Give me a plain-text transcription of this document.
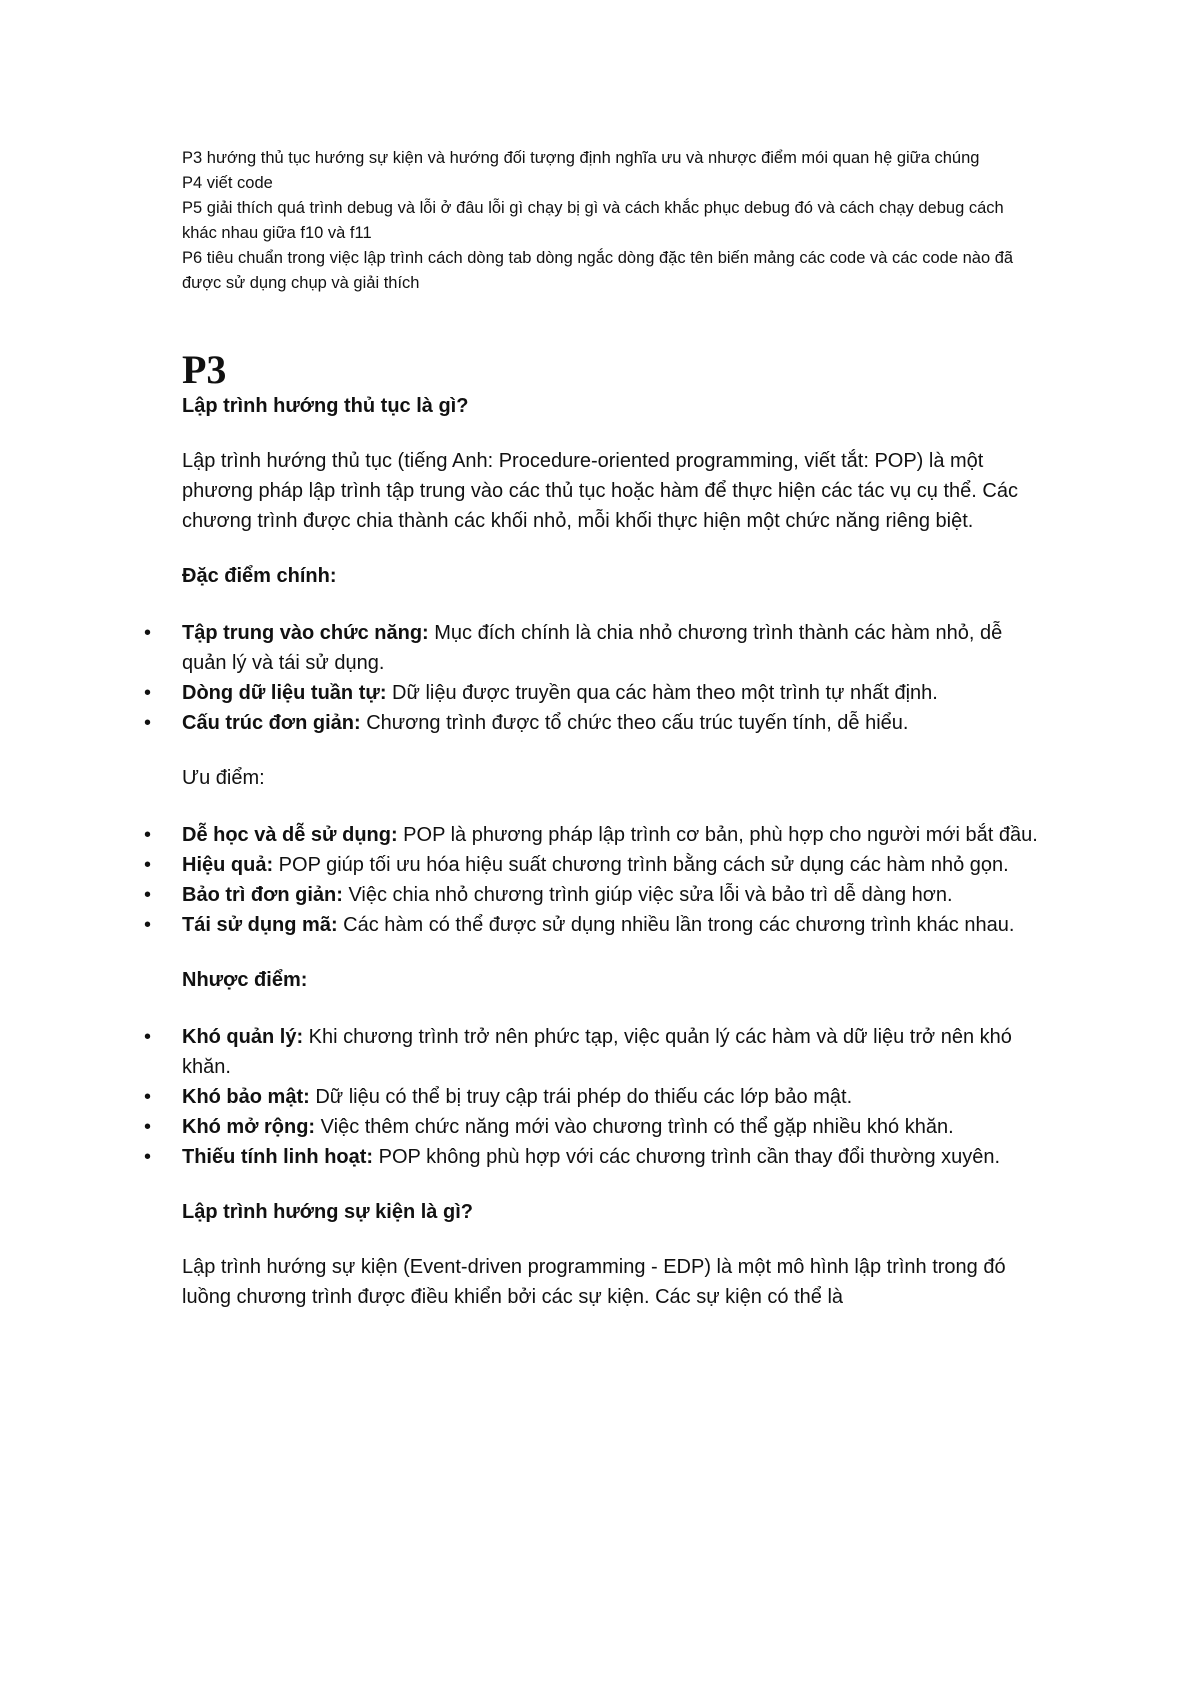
P3 hướng thủ tục hướng sự kiện và hướng đối tượng định nghĩa ưu và nhược điểm mói quan hệ giữa chúng

P4 viết code

P5 giải thích quá trình debug và lỗi ở đâu lỗi gì chạy bị gì và cách khắc phục debug đó và cách chạy debug cách khác nhau giữa f10 và f11

P6 tiêu chuẩn trong việc lập trình cách dòng tab dòng ngắc dòng đặc tên biến mảng các code và các code nào đã được sử dụng chụp và giải thích

P3
Lập trình hướng thủ tục là gì?

Lập trình hướng thủ tục (tiếng Anh: Procedure-oriented programming, viết tắt: POP) là một phương pháp lập trình tập trung vào các thủ tục hoặc hàm để thực hiện các tác vụ cụ thể. Các chương trình được chia thành các khối nhỏ, mỗi khối thực hiện một chức năng riêng biệt.

Đặc điểm chính:
• Tập trung vào chức năng: Mục đích chính là chia nhỏ chương trình thành các hàm nhỏ, dễ quản lý và tái sử dụng.
• Dòng dữ liệu tuần tự: Dữ liệu được truyền qua các hàm theo một trình tự nhất định.
• Cấu trúc đơn giản: Chương trình được tổ chức theo cấu trúc tuyến tính, dễ hiểu.
Ưu điểm:
• Dễ học và dễ sử dụng: POP là phương pháp lập trình cơ bản, phù hợp cho người mới bắt đầu.
• Hiệu quả: POP giúp tối ưu hóa hiệu suất chương trình bằng cách sử dụng các hàm nhỏ gọn.
• Bảo trì đơn giản: Việc chia nhỏ chương trình giúp việc sửa lỗi và bảo trì dễ dàng hơn.
• Tái sử dụng mã: Các hàm có thể được sử dụng nhiều lần trong các chương trình khác nhau.
Nhược điểm:
• Khó quản lý: Khi chương trình trở nên phức tạp, việc quản lý các hàm và dữ liệu trở nên khó khăn.
• Khó bảo mật: Dữ liệu có thể bị truy cập trái phép do thiếu các lớp bảo mật.
• Khó mở rộng: Việc thêm chức năng mới vào chương trình có thể gặp nhiều khó khăn.
• Thiếu tính linh hoạt: POP không phù hợp với các chương trình cần thay đổi thường xuyên.
Lập trình hướng sự kiện là gì?

Lập trình hướng sự kiện (Event-driven programming - EDP) là một mô hình lập trình trong đó luồng chương trình được điều khiển bởi các sự kiện. Các sự kiện có thể là
